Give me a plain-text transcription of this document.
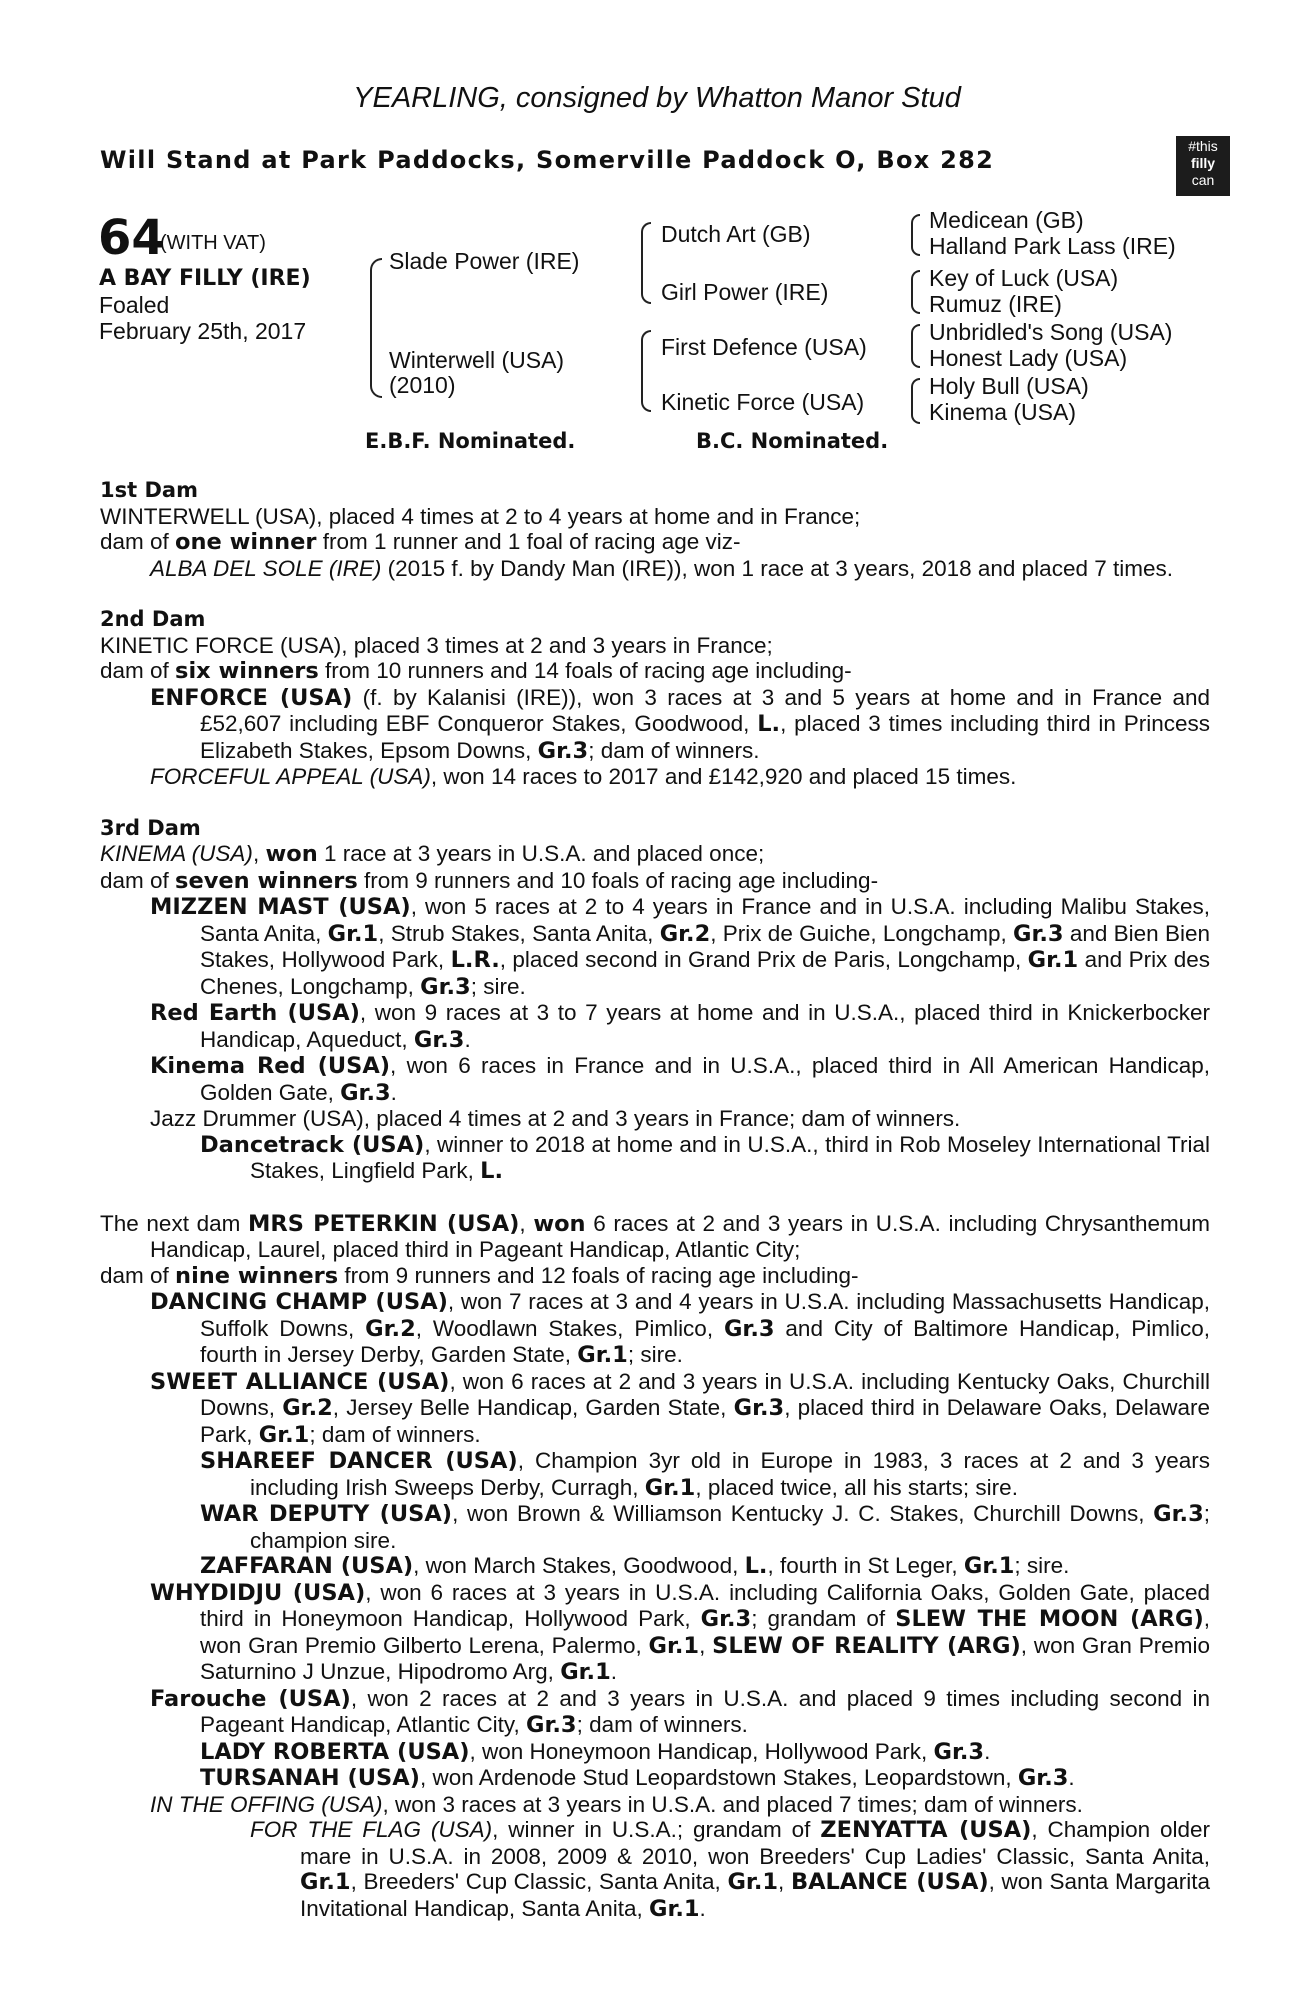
YEARLING, consigned by Whatton Manor Stud
Will Stand at Park Paddocks, Somerville Paddock O, Box 282	#this
filly
can
64
(WITH VAT)
A BAY FILLY (IRE)
Foaled
February 25th, 2017
Slade Power (IRE)
Winterwell (USA)
(2010)
Dutch Art (GB)
Girl Power (IRE)
First Defence (USA)
Kinetic Force (USA)
Medicean (GB)
Halland Park Lass (IRE)
Key of Luck (USA)
Rumuz (IRE)
Unbridled's Song (USA)
Honest Lady (USA)
Holy Bull (USA)
Kinema (USA)
E.B.F. Nominated.	B.C. Nominated.

1st Dam

WINTERWELL (USA), placed 4 times at 2 to 4 years at home and in France;

dam of one winner from 1 runner and 1 foal of racing age viz-

ALBA DEL SOLE (IRE) (2015 f. by Dandy Man (IRE)), won 1 race at 3 years, 2018 and placed 7 times.

2nd Dam

KINETIC FORCE (USA), placed 3 times at 2 and 3 years in France;

dam of six winners from 10 runners and 14 foals of racing age including-

ENFORCE (USA) (f. by Kalanisi (IRE)), won 3 races at 3 and 5 years at home and in France and £52,607 including EBF Conqueror Stakes, Goodwood, L., placed 3 times including third in Princess Elizabeth Stakes, Epsom Downs, Gr.3; dam of winners.

FORCEFUL APPEAL (USA), won 14 races to 2017 and £142,920 and placed 15 times.

3rd Dam

KINEMA (USA), won 1 race at 3 years in U.S.A. and placed once;

dam of seven winners from 9 runners and 10 foals of racing age including-

MIZZEN MAST (USA), won 5 races at 2 to 4 years in France and in U.S.A. including Malibu Stakes, Santa Anita, Gr.1, Strub Stakes, Santa Anita, Gr.2, Prix de Guiche, Longchamp, Gr.3 and Bien Bien Stakes, Hollywood Park, L.R., placed second in Grand Prix de Paris, Longchamp, Gr.1 and Prix des Chenes, Longchamp, Gr.3; sire.

Red Earth (USA), won 9 races at 3 to 7 years at home and in U.S.A., placed third in Knickerbocker Handicap, Aqueduct, Gr.3.

Kinema Red (USA), won 6 races in France and in U.S.A., placed third in All American Handicap, Golden Gate, Gr.3.

Jazz Drummer (USA), placed 4 times at 2 and 3 years in France; dam of winners.

Dancetrack (USA), winner to 2018 at home and in U.S.A., third in Rob Moseley International Trial Stakes, Lingfield Park, L.

The next dam MRS PETERKIN (USA), won 6 races at 2 and 3 years in U.S.A. including Chrysanthemum Handicap, Laurel, placed third in Pageant Handicap, Atlantic City;

dam of nine winners from 9 runners and 12 foals of racing age including-

DANCING CHAMP (USA), won 7 races at 3 and 4 years in U.S.A. including Massachusetts Handicap, Suffolk Downs, Gr.2, Woodlawn Stakes, Pimlico, Gr.3 and City of Baltimore Handicap, Pimlico, fourth in Jersey Derby, Garden State, Gr.1; sire.

SWEET ALLIANCE (USA), won 6 races at 2 and 3 years in U.S.A. including Kentucky Oaks, Churchill Downs, Gr.2, Jersey Belle Handicap, Garden State, Gr.3, placed third in Delaware Oaks, Delaware Park, Gr.1; dam of winners.

SHAREEF DANCER (USA), Champion 3yr old in Europe in 1983, 3 races at 2 and 3 years including Irish Sweeps Derby, Curragh, Gr.1, placed twice, all his starts; sire.

WAR DEPUTY (USA), won Brown & Williamson Kentucky J. C. Stakes, Churchill Downs, Gr.3; champion sire.

ZAFFARAN (USA), won March Stakes, Goodwood, L., fourth in St Leger, Gr.1; sire.

WHYDIDJU (USA), won 6 races at 3 years in U.S.A. including California Oaks, Golden Gate, placed third in Honeymoon Handicap, Hollywood Park, Gr.3; grandam of SLEW THE MOON (ARG), won Gran Premio Gilberto Lerena, Palermo, Gr.1, SLEW OF REALITY (ARG), won Gran Premio Saturnino J Unzue, Hipodromo Arg, Gr.1.

Farouche (USA), won 2 races at 2 and 3 years in U.S.A. and placed 9 times including second in Pageant Handicap, Atlantic City, Gr.3; dam of winners.

LADY ROBERTA (USA), won Honeymoon Handicap, Hollywood Park, Gr.3.

TURSANAH (USA), won Ardenode Stud Leopardstown Stakes, Leopardstown, Gr.3.

IN THE OFFING (USA), won 3 races at 3 years in U.S.A. and placed 7 times; dam of winners.

FOR THE FLAG (USA), winner in U.S.A.; grandam of ZENYATTA (USA), Champion older mare in U.S.A. in 2008, 2009 & 2010, won Breeders' Cup Ladies' Classic, Santa Anita, Gr.1, Breeders' Cup Classic, Santa Anita, Gr.1, BALANCE (USA), won Santa Margarita Invitational Handicap, Santa Anita, Gr.1.
